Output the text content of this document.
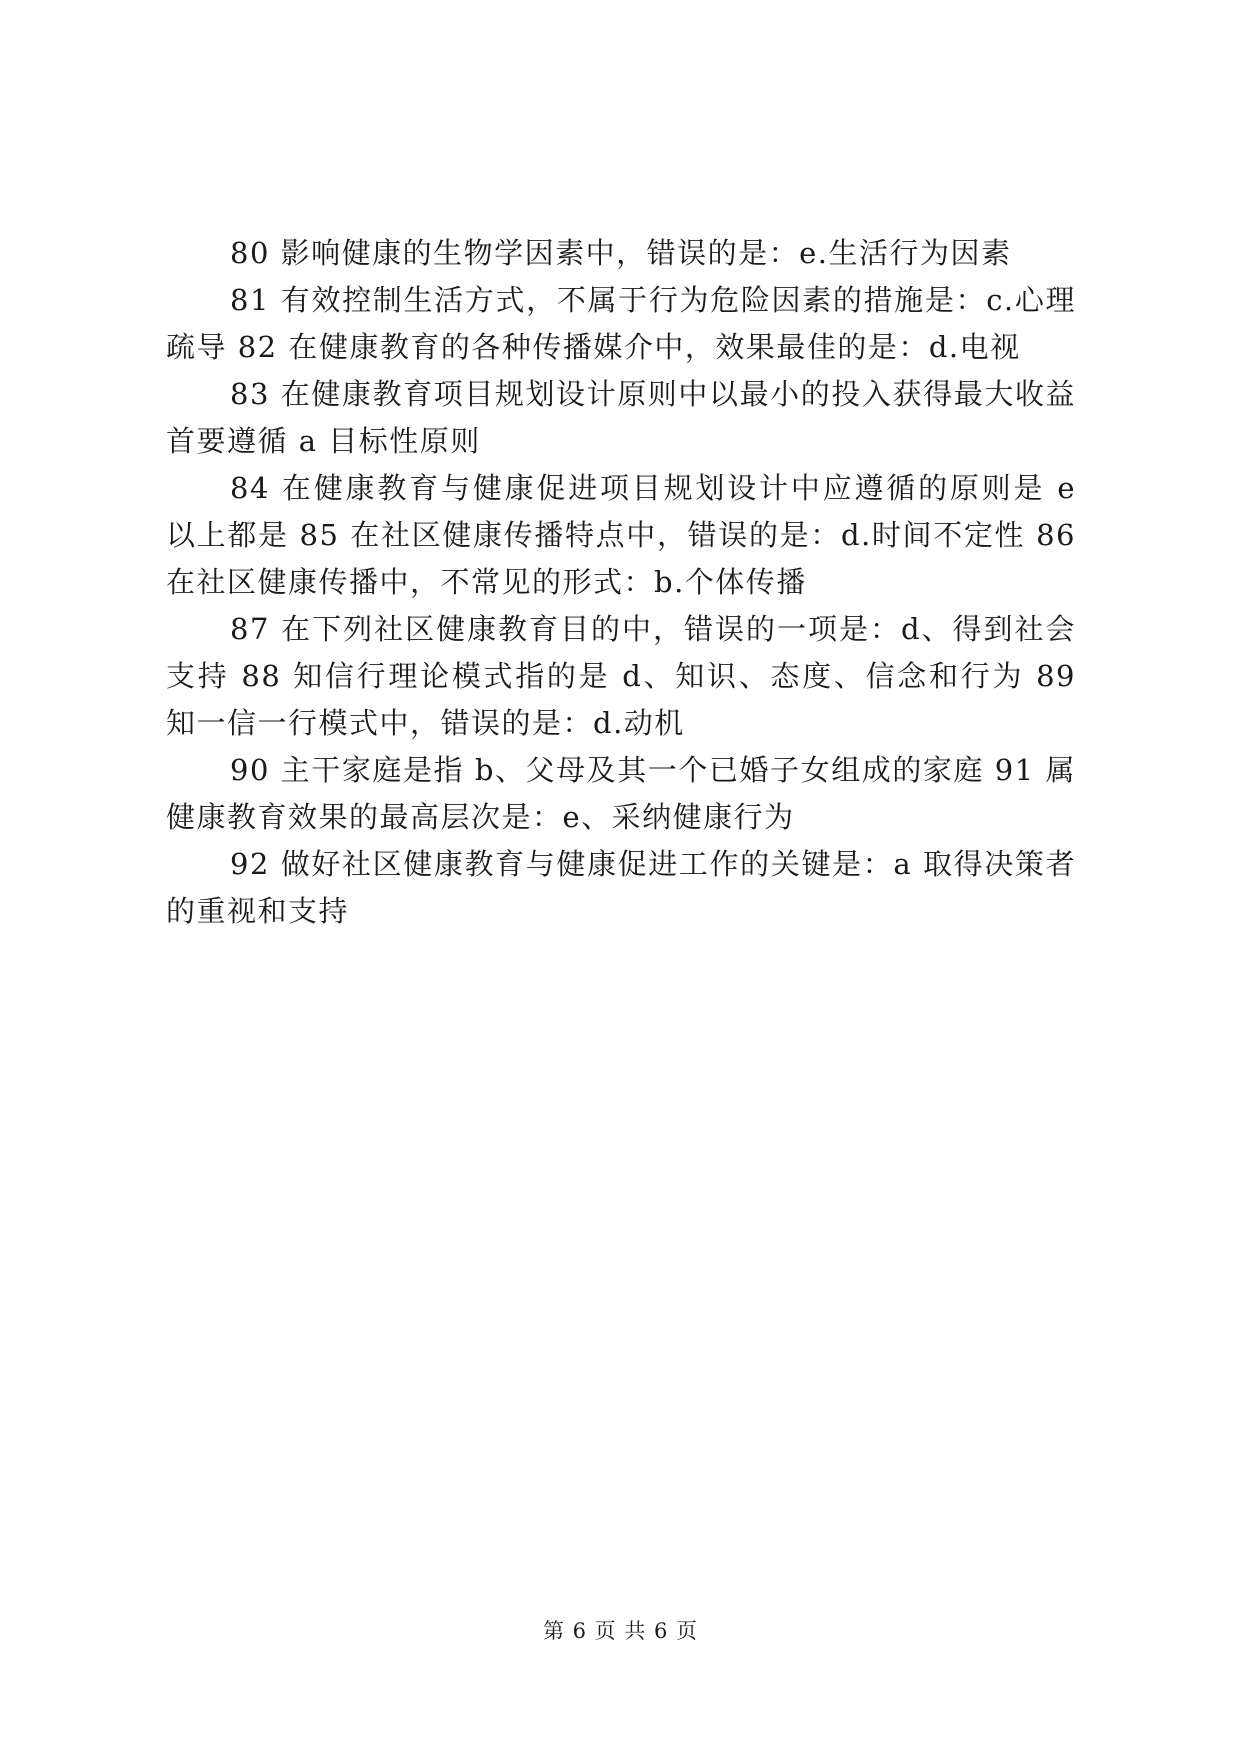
80 影响健康的生物学因素中，错误的是：e.生活行为因素

81 有效控制生活方式，不属于行为危险因素的措施是：c.心理疏导 82 在健康教育的各种传播媒介中，效果最佳的是：d.电视

83 在健康教育项目规划设计原则中以最小的投入获得最大收益首要遵循 a 目标性原则

84 在健康教育与健康促进项目规划设计中应遵循的原则是 e 以上都是 85 在社区健康传播特点中，错误的是：d.时间不定性 86 在社区健康传播中，不常见的形式：b.个体传播

87 在下列社区健康教育目的中，错误的一项是：d、得到社会支持 88 知信行理论模式指的是 d、知识、态度、信念和行为 89 知一信一行模式中，错误的是：d.动机

90 主干家庭是指 b、父母及其一个已婚子女组成的家庭 91 属健康教育效果的最高层次是：e、采纳健康行为

92 做好社区健康教育与健康促进工作的关键是：a 取得决策者的重视和支持

第 6 页 共 6 页
